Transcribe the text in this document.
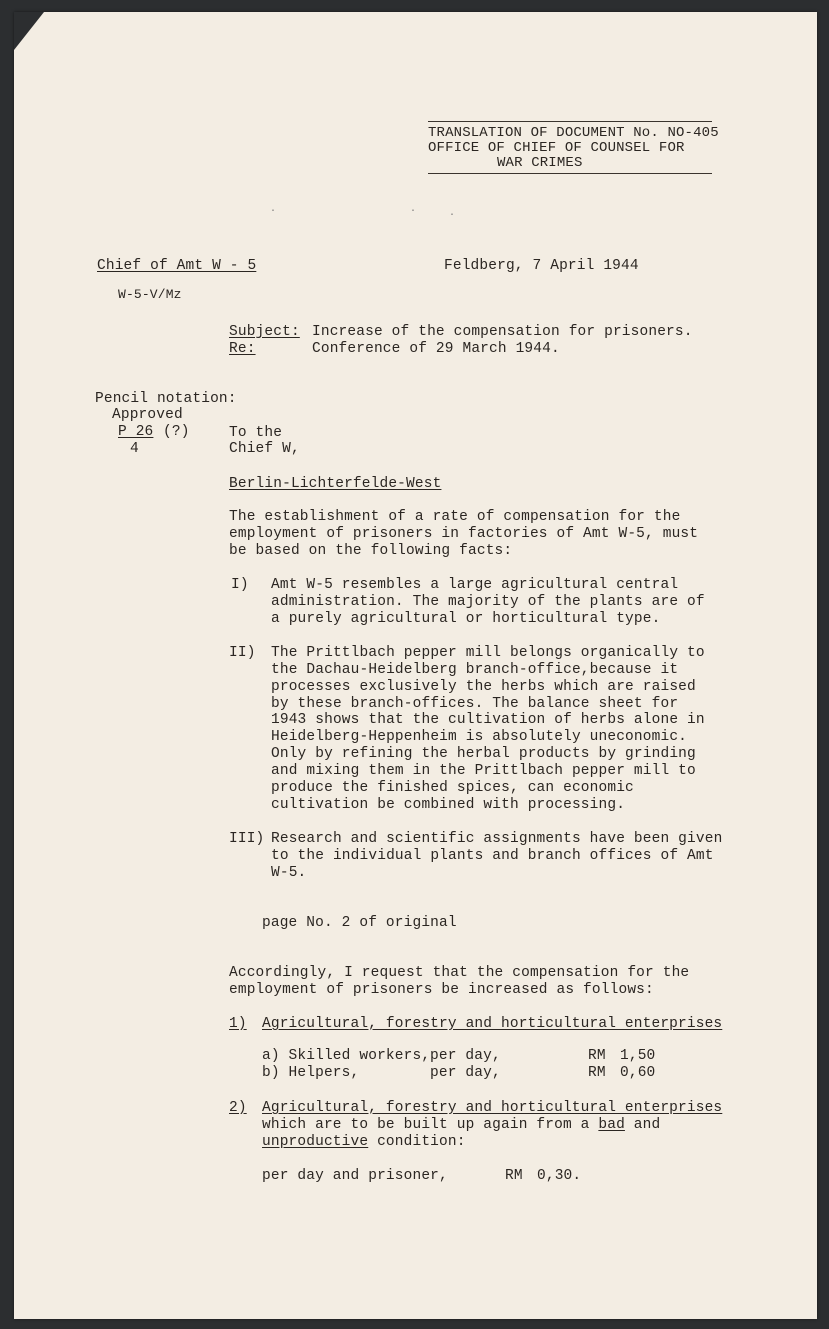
TRANSLATION OF DOCUMENT No. NO-405
OFFICE OF CHIEF OF COUNSEL FOR
WAR CRIMES
·	·	·
Chief of Amt W - 5	Feldberg, 7 April 1944
W-5-V/Mz
Subject: Increase of the compensation for prisoners.
Re:	Conference of 29 March 1944.
Pencil notation:
Approved
P 26 (?)
4
To the
Chief W,
Berlin-Lichterfelde-West
The establishment of a rate of compensation for the
employment of prisoners in factories of Amt W-5, must
be based on the following facts:
I) Amt W-5 resembles a large agricultural central
administration. The majority of the plants are of
a purely agricultural or horticultural type.
II) The Prittlbach pepper mill belongs organically to
the Dachau-Heidelberg branch-office,because it
processes exclusively the herbs which are raised
by these branch-offices. The balance sheet for
1943 shows that the cultivation of herbs alone in
Heidelberg-Heppenheim is absolutely uneconomic.
Only by refining the herbal products by grinding
and mixing them in the Prittlbach pepper mill to
produce the finished spices, can economic
cultivation be combined with processing.
III) Research and scientific assignments have been given
to the individual plants and branch offices of Amt
W-5.
page No. 2 of original
Accordingly, I request that the compensation for the
employment of prisoners be increased as follows:
1) Agricultural, forestry and horticultural enterprises
a) Skilled workers, per day,	RM 1,50
b) Helpers,	per day,	RM 0,60
2) Agricultural, forestry and horticultural enterprises
which are to be built up again from a bad and
unproductive condition:
per day and prisoner,	RM 0,30.
